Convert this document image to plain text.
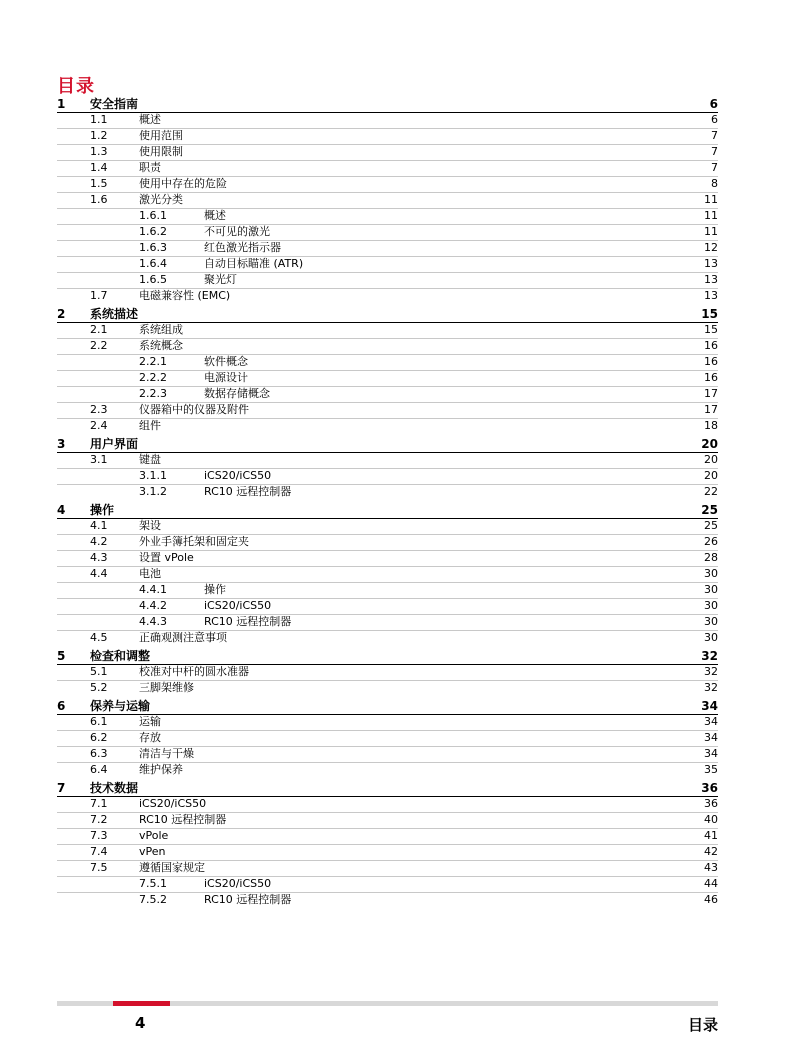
目录
1 安全指南	6
1.1	概述	6
1.2	使用范围	7
1.3	使用限制	7
1.4	职责	7
1.5	使用中存在的危险	8
1.6	激光分类	11
1.6.1	概述	11
1.6.2	不可见的激光	11
1.6.3	红色激光指示器	12
1.6.4	自动目标瞄准 (ATR)	13
1.6.5	聚光灯	13
1.7	电磁兼容性 (EMC)	13
2 系统描述	15
2.1	系统组成	15
2.2	系统概念	16
2.2.1	软件概念	16
2.2.2	电源设计	16
2.2.3	数据存储概念	17
2.3	仪器箱中的仪器及附件	17
2.4	组件	18
3 用户界面	20
3.1	键盘	20
3.1.1	iCS20/iCS50	20
3.1.2	RC10 远程控制器	22
4 操作	25
4.1	架设	25
4.2	外业手簿托架和固定夹	26
4.3	设置 vPole	28
4.4	电池	30
4.4.1	操作	30
4.4.2	iCS20/iCS50	30
4.4.3	RC10 远程控制器	30
4.5	正确观测注意事项	30
5 检查和调整	32
5.1	校准对中杆的圆水准器	32
5.2	三脚架维修	32
6 保养与运输	34
6.1	运输	34
6.2	存放	34
6.3	清洁与干燥	34
6.4	维护保养	35
7 技术数据	36
7.1	iCS20/iCS50	36
7.2	RC10 远程控制器	40
7.3	vPole	41
7.4	vPen	42
7.5	遵循国家规定	43
7.5.1	iCS20/iCS50	44
7.5.2	RC10 远程控制器	46
4	目录
